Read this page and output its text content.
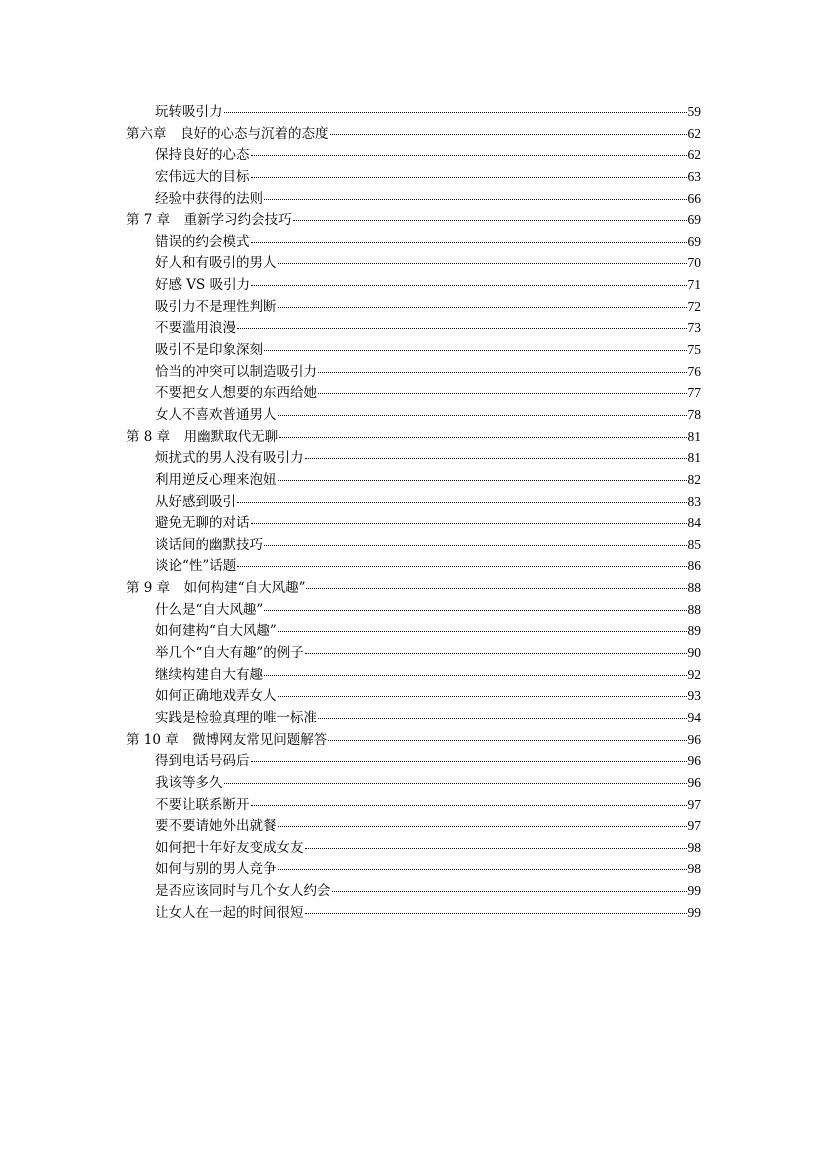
玩转吸引力	59
第六章　良好的心态与沉着的态度	62
保持良好的心态	62
宏伟远大的目标	63
经验中获得的法则	66
第 7 章　重新学习约会技巧	69
错误的约会模式	69
好人和有吸引的男人	70
好感 VS 吸引力	71
吸引力不是理性判断	72
不要滥用浪漫	73
吸引不是印象深刻	75
恰当的冲突可以制造吸引力	76
不要把女人想要的东西给她	77
女人不喜欢普通男人	78
第 8 章　用幽默取代无聊	81
烦扰式的男人没有吸引力	81
利用逆反心理来泡妞	82
从好感到吸引	83
避免无聊的对话	84
谈话间的幽默技巧	85
谈论“性”话题	86
第 9 章　如何构建“自大风趣”	88
什么是“自大风趣”	88
如何建构“自大风趣”	89
举几个“自大有趣”的例子	90
继续构建自大有趣	92
如何正确地戏弄女人	93
实践是检验真理的唯一标准	94
第 10 章　微博网友常见问题解答	96
得到电话号码后	96
我该等多久	96
不要让联系断开	97
要不要请她外出就餐	97
如何把十年好友变成女友	98
如何与别的男人竞争	98
是否应该同时与几个女人约会	99
让女人在一起的时间很短	99
